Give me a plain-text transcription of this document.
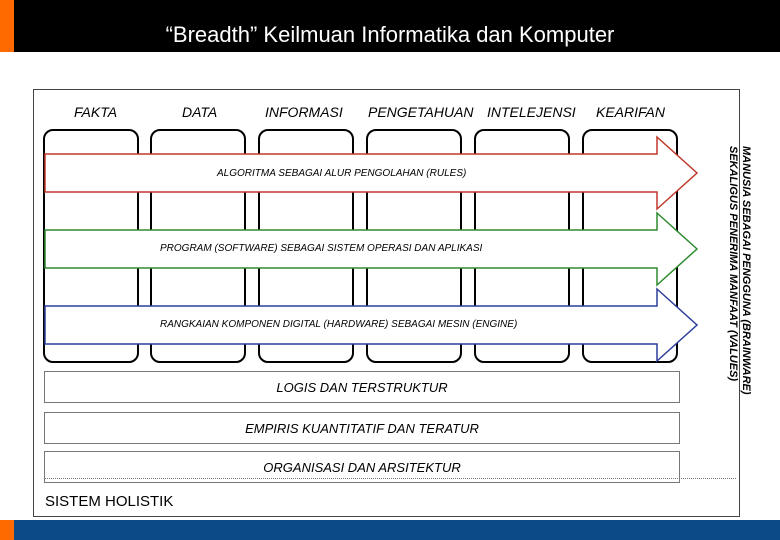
“Breadth” Keilmuan Informatika dan Komputer
FAKTA	DATA	INFORMASI PENGETAHUAN INTELEJENSI KEARIFAN
ALGORITMA SEBAGAI ALUR PENGOLAHAN (RULES)
PROGRAM (SOFTWARE) SEBAGAI SISTEM OPERASI DAN APLIKASI
RANGKAIAN KOMPONEN DIGITAL (HARDWARE) SEBAGAI MESIN (ENGINE)
LOGIS DAN TERSTRUKTUR
EMPIRIS KUANTITATIF DAN TERATUR
ORGANISASI DAN ARSITEKTUR
SISTEM HOLISTIK
MANUSIA SEBAGAI PENGGUNA (BRAINWARE)
SEKALIGUS PENERIMA MANFAAT (VALUES)
